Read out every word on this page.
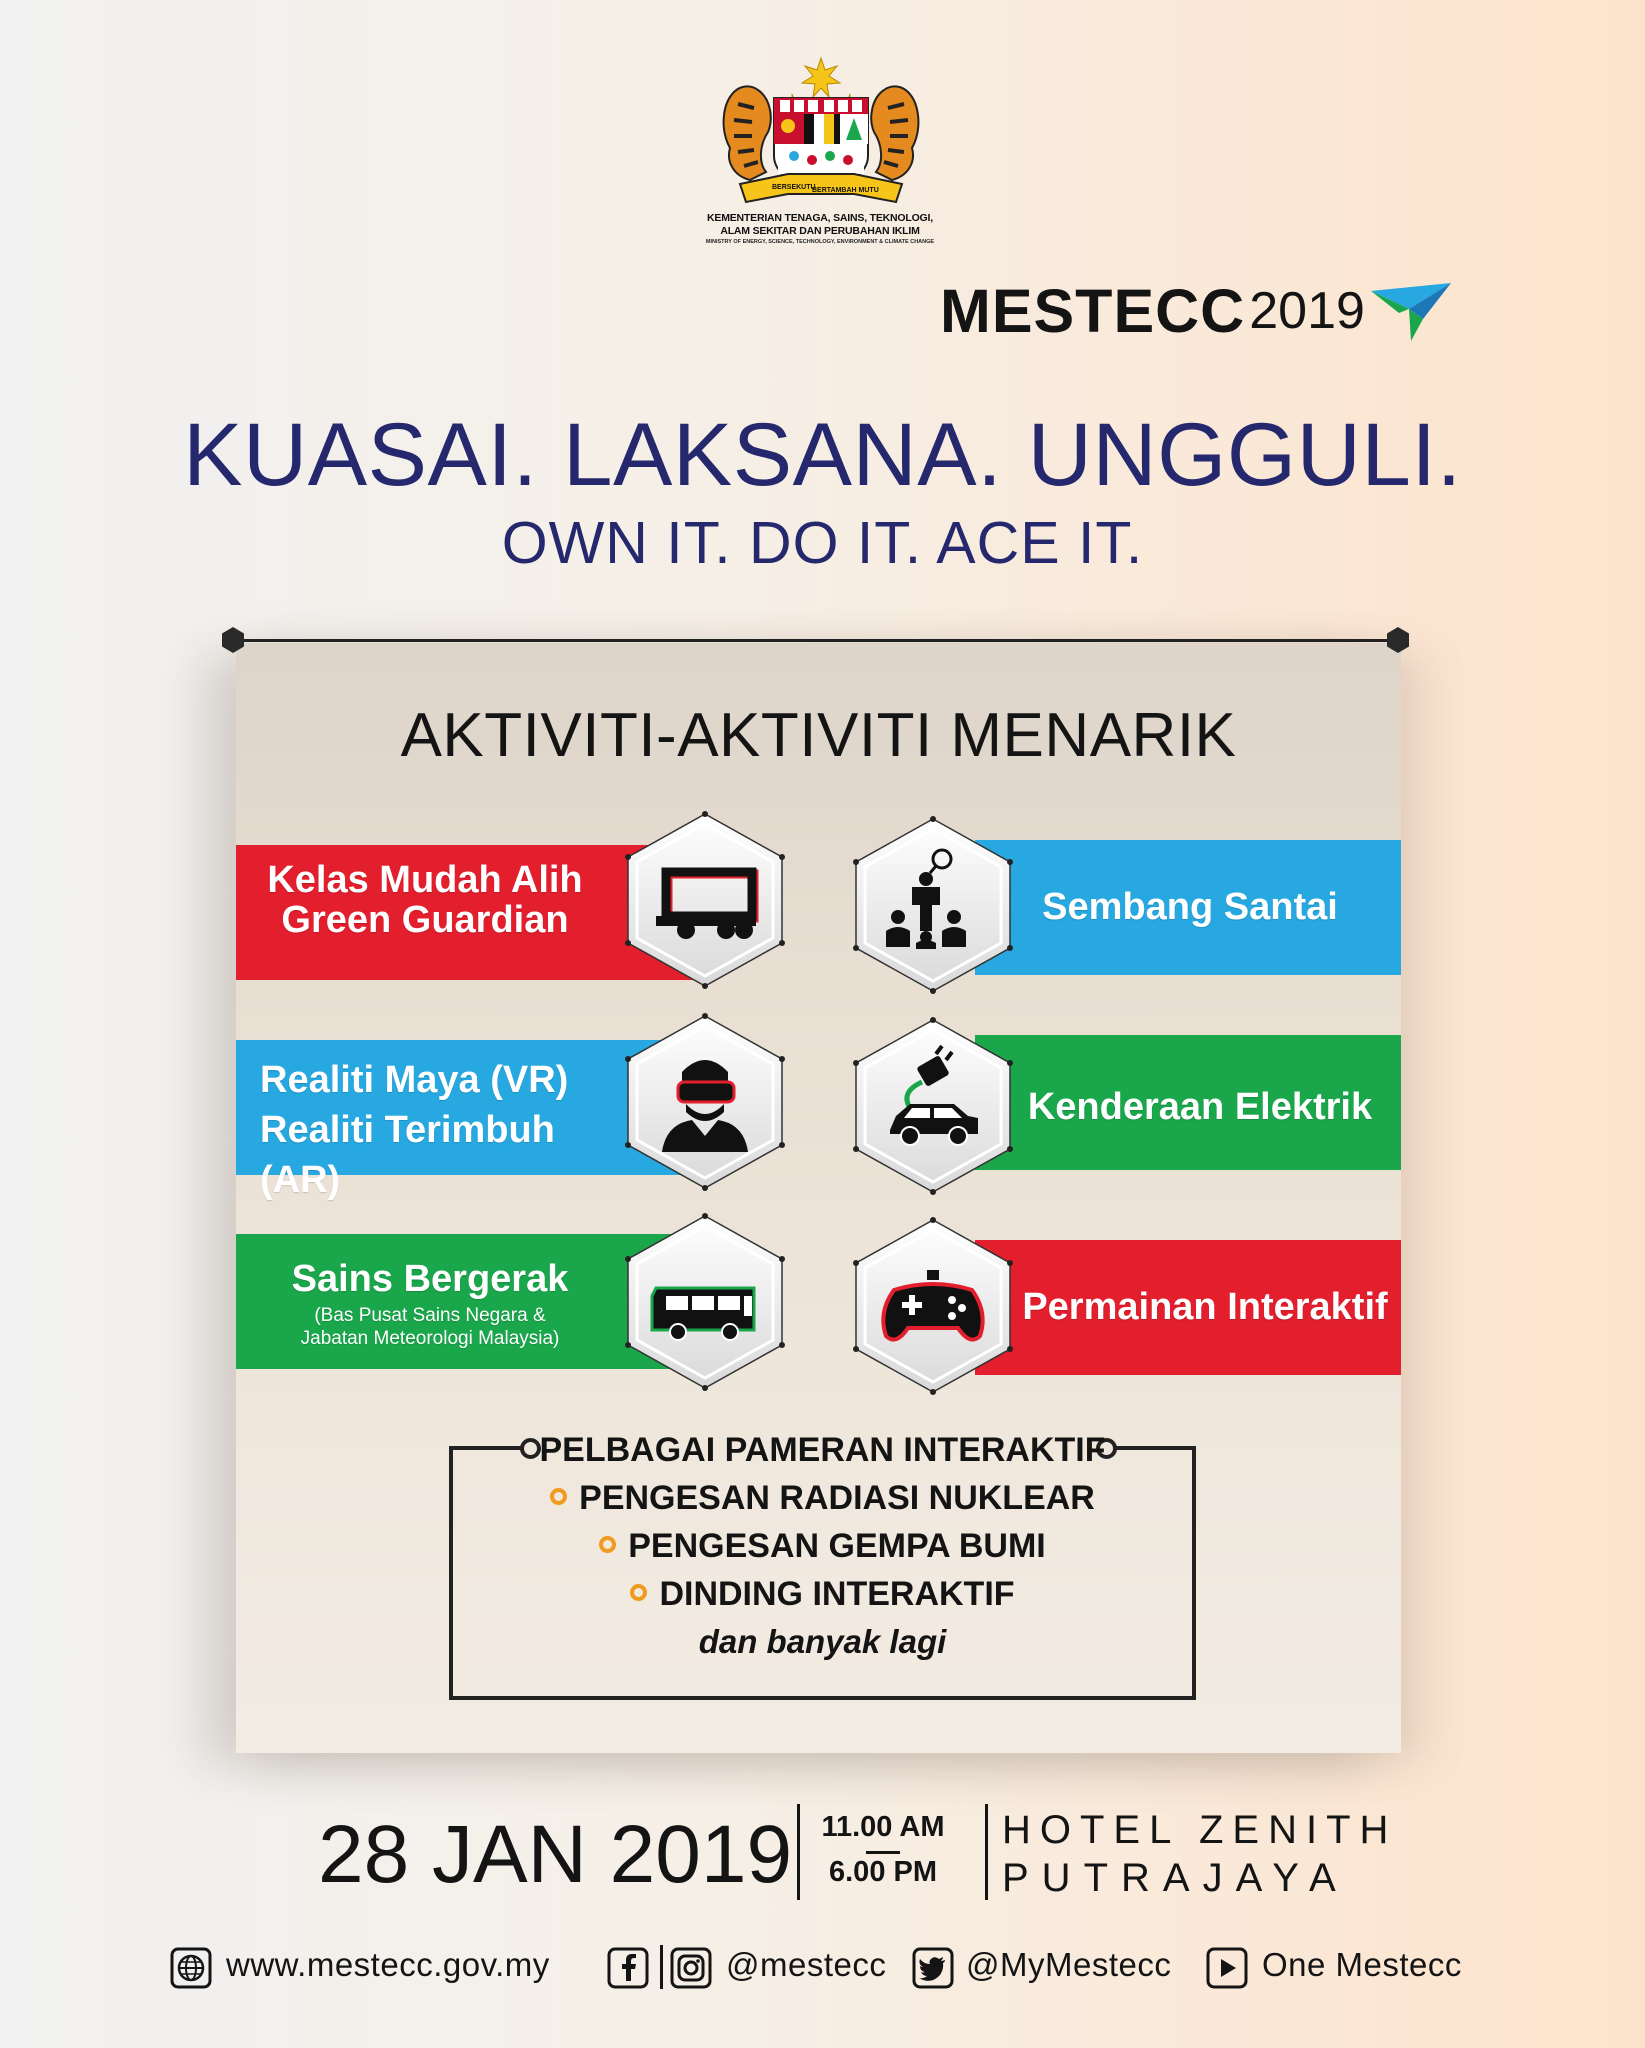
BERSEKUTU
BERTAMBAH MUTU
KEMENTERIAN TENAGA, SAINS, TEKNOLOGI,
ALAM SEKITAR DAN PERUBAHAN IKLIM
MINISTRY OF ENERGY, SCIENCE, TECHNOLOGY, ENVIRONMENT & CLIMATE CHANGE
MESTECC 2019
KUASAI. LAKSANA. UNGGULI.
OWN IT. DO IT. ACE IT.
AKTIVITI-AKTIVITI MENARIK
Kelas Mudah Alih
Green Guardian	Sembang Santai
Realiti Maya (VR)
Realiti Terimbuh (AR)
Kenderaan Elektrik
Sains Bergerak
(Bas Pusat Sains Negara &
Jabatan Meteorologi Malaysia)
Permainan Interaktif
PELBAGAI PAMERAN INTERAKTIF
PENGESAN RADIASI NUKLEAR
PENGESAN GEMPA BUMI
DINDING INTERAKTIF
dan banyak lagi
28 JAN 2019	11.00 AM
6.00 PM
HOTEL ZENITH
PUTRAJAYA
www.mestecc.gov.my	@mestecc @MyMestecc	One Mestecc
